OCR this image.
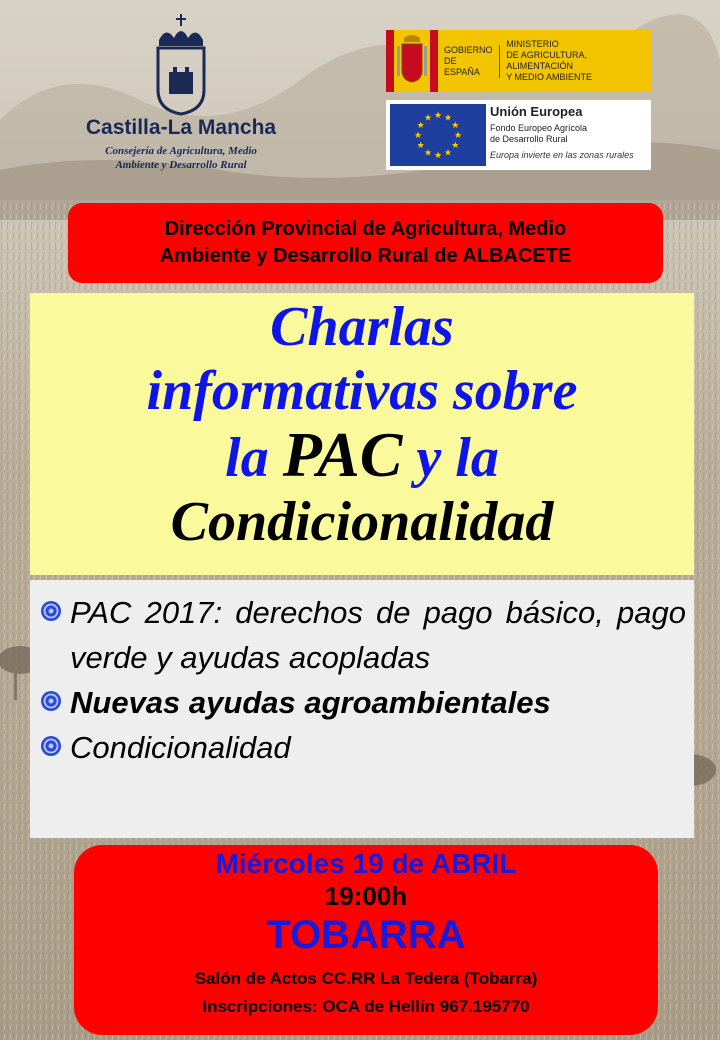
Castilla-La Mancha
Consejería de Agricultura, Medio
Ambiente y Desarrollo Rural
GOBIERNO
DE ESPAÑA
MINISTERIO
DE AGRICULTURA, ALIMENTACIÓN
Y MEDIO AMBIENTE
★ ★
★
★
★
★
★
★
★
★
★
★	Unión Europea
Fondo Europeo Agrícola
de Desarrollo Rural
Europa invierte en las zonas rurales
Dirección Provincial de Agricultura, Medio
Ambiente y Desarrollo Rural de ALBACETE
Charlas
informativas sobre
la PAC y la
Condicionalidad
PAC 2017: derechos de pago básico, pago verde y ayudas acopladas
Nuevas ayudas agroambientales
Condicionalidad
Miércoles 19 de ABRIL
19:00h
TOBARRA
Salón de Actos CC.RR La Tedera (Tobarra)
Inscripciones: OCA de Hellín 967.195770
